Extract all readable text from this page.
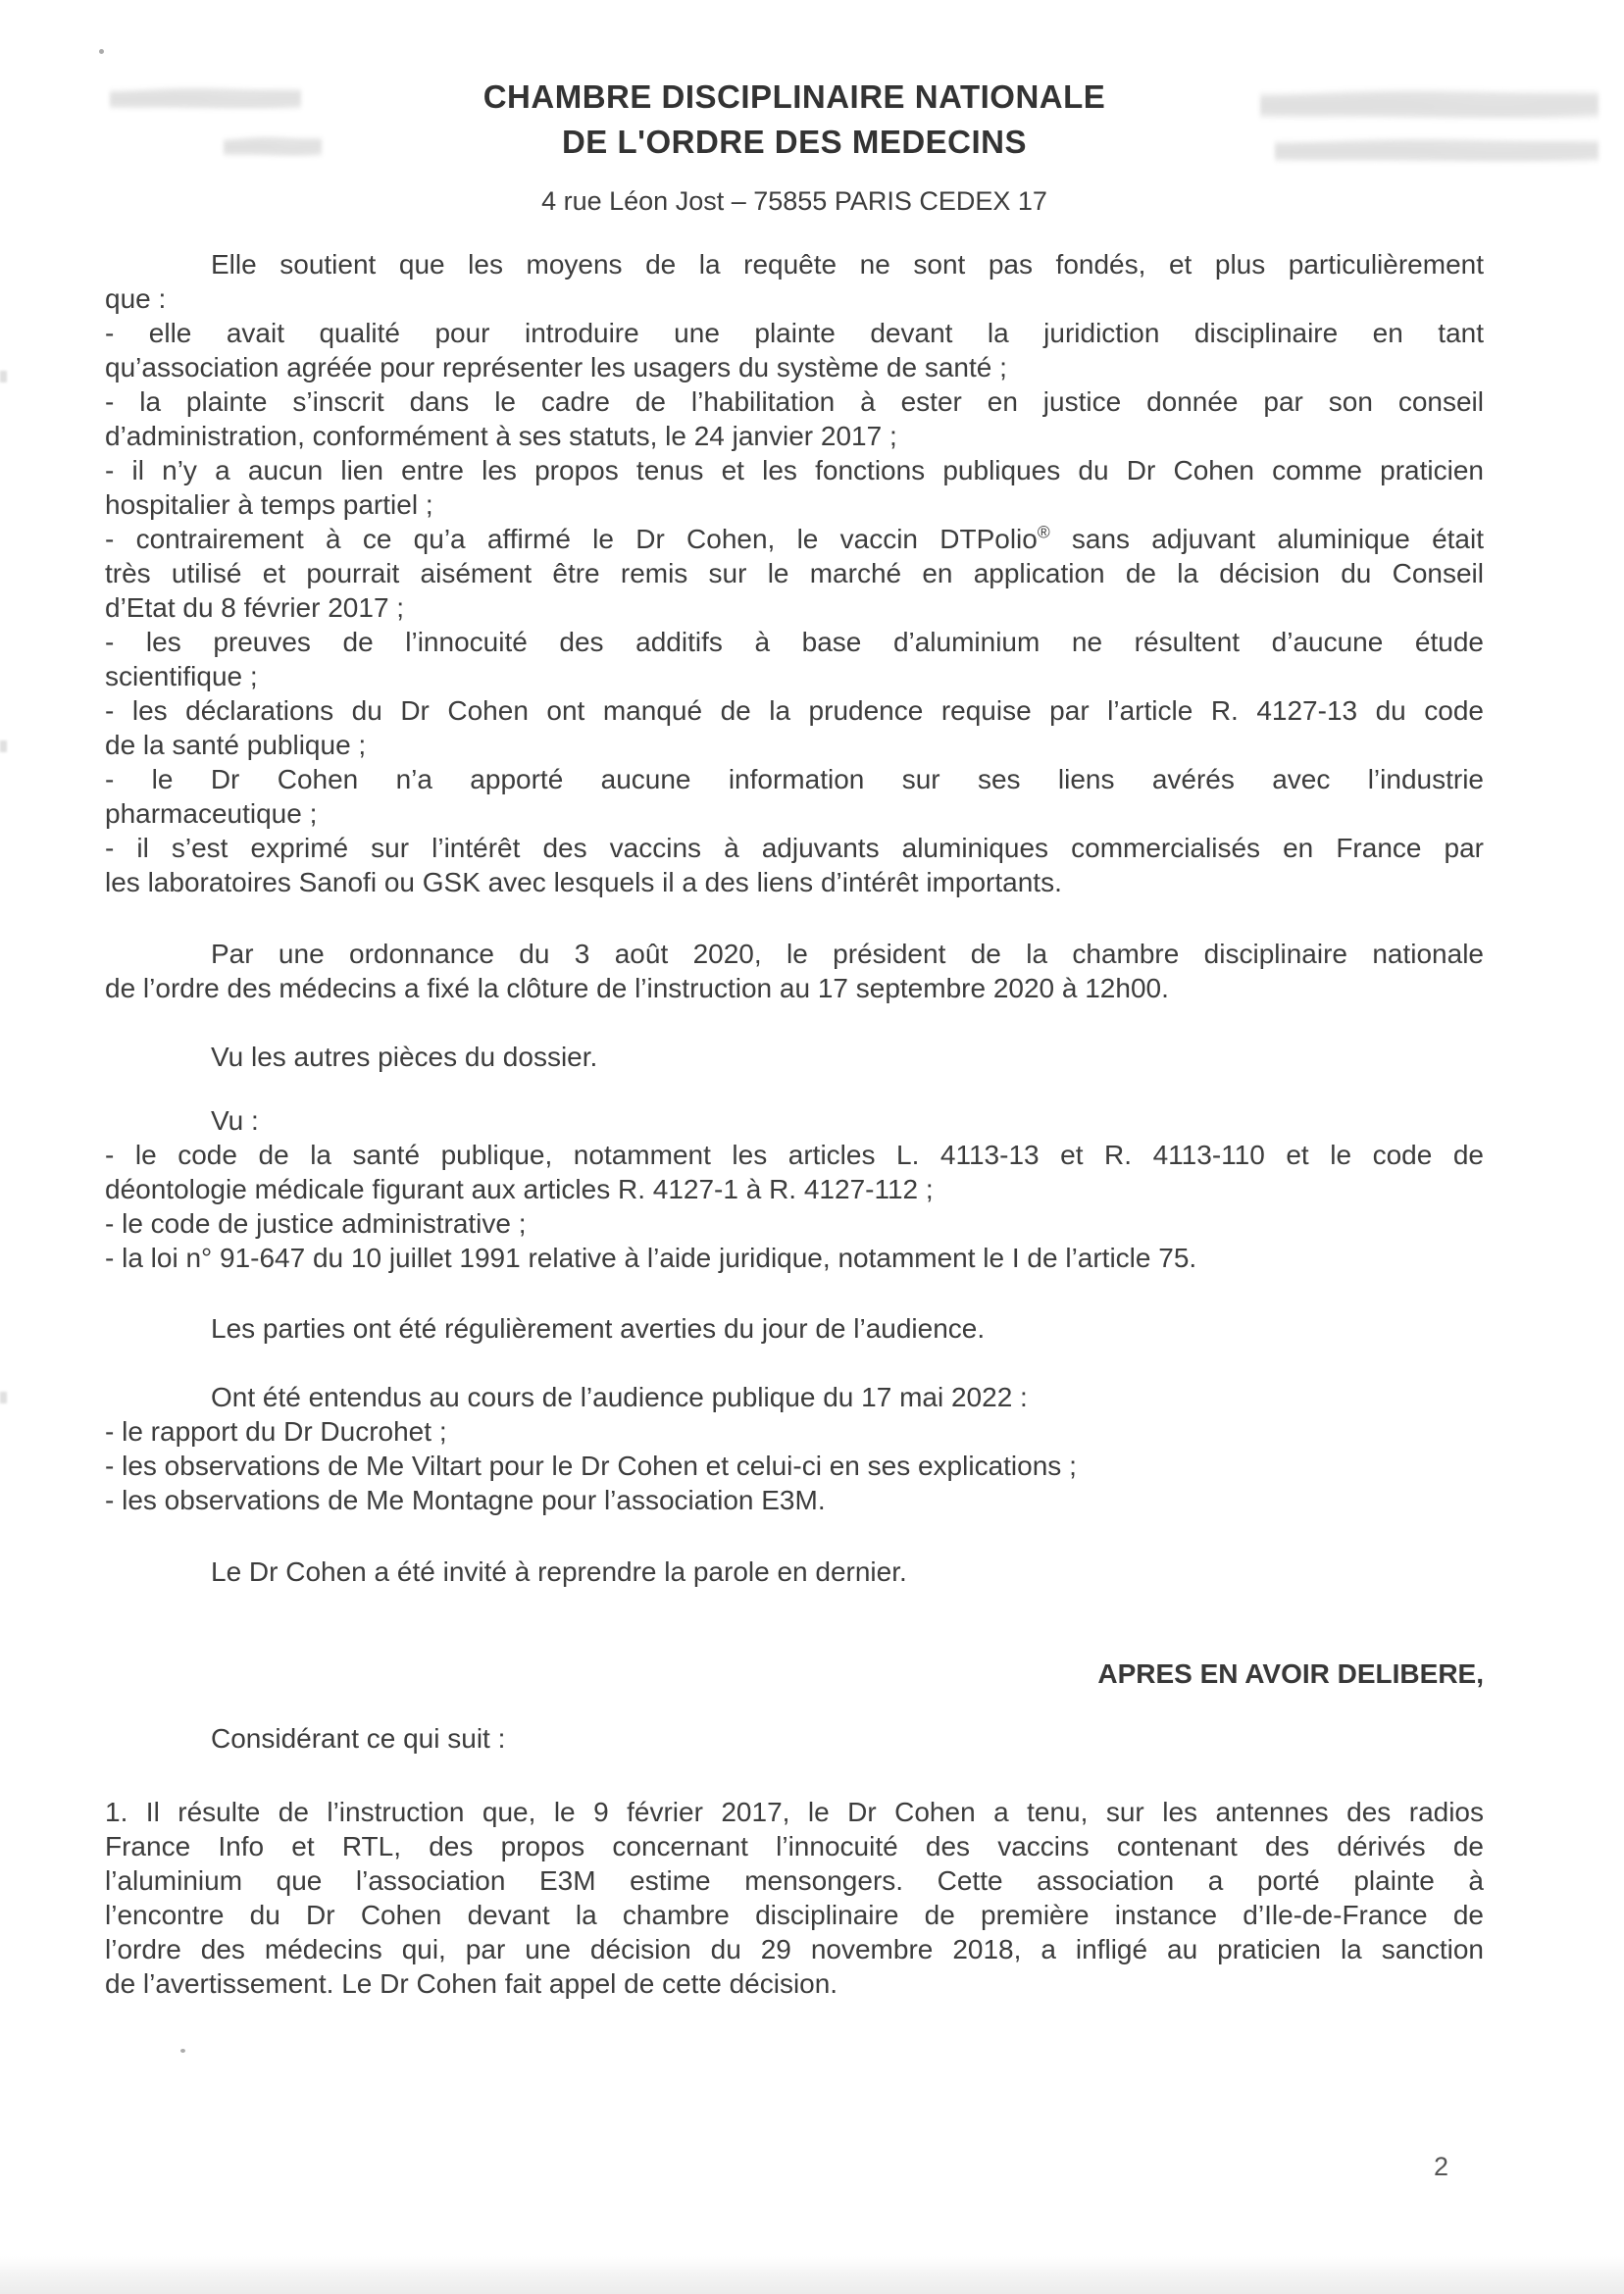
CHAMBRE DISCIPLINAIRE NATIONALE
DE L'ORDRE DES MEDECINS
4 rue Léon Jost – 75855 PARIS CEDEX 17
Elle soutient que les moyens de la requête ne sont pas fondés, et plus particulièrement
que :
- elle avait qualité pour introduire une plainte devant la juridiction disciplinaire en tant
qu’association agréée pour représenter les usagers du système de santé ;
- la plainte s’inscrit dans le cadre de l’habilitation à ester en justice donnée par son conseil
d’administration, conformément à ses statuts, le 24 janvier 2017 ;
- il n’y a aucun lien entre les propos tenus et les fonctions publiques du Dr Cohen comme praticien
hospitalier à temps partiel ;
- contrairement à ce qu’a affirmé le Dr Cohen, le vaccin DTPolio® sans adjuvant aluminique était
très utilisé et pourrait aisément être remis sur le marché en application de la décision du Conseil
d’Etat du 8 février 2017 ;
- les preuves de l’innocuité des additifs à base d’aluminium ne résultent d’aucune étude
scientifique ;
- les déclarations du Dr Cohen ont manqué de la prudence requise par l’article R. 4127-13 du code
de la santé publique ;
- le Dr Cohen n’a apporté aucune information sur ses liens avérés avec l’industrie
pharmaceutique ;
- il s’est exprimé sur l’intérêt des vaccins à adjuvants aluminiques commercialisés en France par
les laboratoires Sanofi ou GSK avec lesquels il a des liens d’intérêt importants.
Par une ordonnance du 3 août 2020, le président de la chambre disciplinaire nationale
de l’ordre des médecins a fixé la clôture de l’instruction au 17 septembre 2020 à 12h00.
Vu les autres pièces du dossier.
Vu :
- le code de la santé publique, notamment les articles L. 4113-13 et R. 4113-110 et le code de
déontologie médicale figurant aux articles R. 4127-1 à R. 4127-112 ;
- le code de justice administrative ;
- la loi n° 91-647 du 10 juillet 1991 relative à l’aide juridique, notamment le I de l’article 75.
Les parties ont été régulièrement averties du jour de l’audience.
Ont été entendus au cours de l’audience publique du 17 mai 2022 :
- le rapport du Dr Ducrohet ;
- les observations de Me Viltart pour le Dr Cohen et celui-ci en ses explications ;
- les observations de Me Montagne pour l’association E3M.
Le Dr Cohen a été invité à reprendre la parole en dernier.
APRES EN AVOIR DELIBERE,
Considérant ce qui suit :
1. Il résulte de l’instruction que, le 9 février 2017, le Dr Cohen a tenu, sur les antennes des radios
France Info et RTL, des propos concernant l’innocuité des vaccins contenant des dérivés de
l’aluminium que l’association E3M estime mensongers. Cette association a porté plainte à
l’encontre du Dr Cohen devant la chambre disciplinaire de première instance d’Ile-de-France de
l’ordre des médecins qui, par une décision du 29 novembre 2018, a infligé au praticien la sanction
de l’avertissement. Le Dr Cohen fait appel de cette décision.
2
